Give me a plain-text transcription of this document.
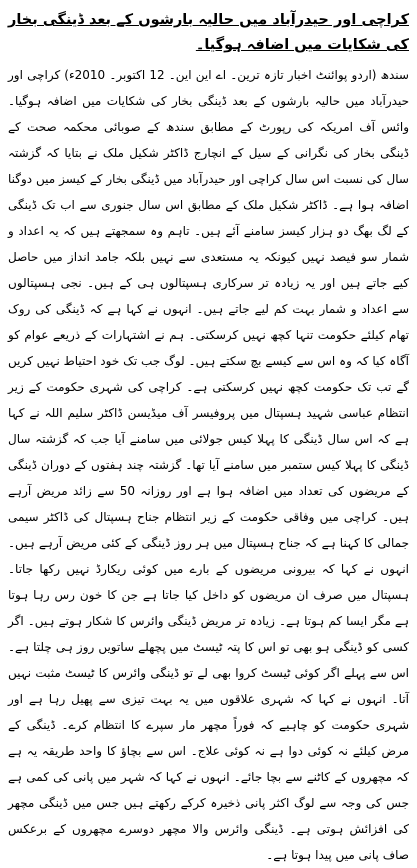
کراچی اور حیدرآباد میں حالیہ بارشوں کے بعد ڈینگی بخار کی شکایات میں اضافہ ہوگیا۔

سندھ (اردو پوائنٹ اخبار تازہ ترین۔ اے این این۔ 12 اکتوبر۔ 2010ء) کراچی اور حیدرآباد میں حالیہ بارشوں کے بعد ڈینگی بخار کی شکایات میں اضافہ ہوگیا۔ وائس آف امریکہ کی رپورٹ کے مطابق سندھ کے صوبائی محکمہ صحت کے ڈینگی بخار کی نگرانی کے سیل کے انچارج ڈاکٹر شکیل ملک نے بتایا کہ گزشتہ سال کی نسبت اس سال کراچی اور حیدرآباد میں ڈینگی بخار کے کیسز میں دوگنا اضافہ ہوا ہے۔ ڈاکٹر شکیل ملک کے مطابق اس سال جنوری سے اب تک ڈینگی کے لگ بھگ دو ہزار کیسز سامنے آئے ہیں۔ تاہم وہ سمجھتے ہیں کہ یہ اعداد و شمار سو فیصد نہیں کیونکہ یہ مستعدی سے نہیں بلکہ جامد انداز میں حاصل کیے جاتے ہیں اور یہ زیادہ تر سرکاری ہسپتالوں ہی کے ہیں۔ نجی ہسپتالوں سے اعداد و شمار بہت کم لیے جاتے ہیں۔ انہوں نے کہا ہے کہ ڈینگی کی روک تھام کیلئے حکومت تنہا کچھ نہیں کرسکتی۔ ہم نے اشتہارات کے ذریعے عوام کو آگاہ کیا کہ وہ اس سے کیسے بچ سکتے ہیں۔ لوگ جب تک خود احتیاط نہیں کریں گے تب تک حکومت کچھ نہیں کرسکتی ہے۔ کراچی کی شہری حکومت کے زیر انتظام عباسی شہید ہسپتال میں پروفیسر آف میڈیسن ڈاکٹر سلیم اللہ نے کہا ہے کہ اس سال ڈینگی کا پہلا کیس جولائی میں سامنے آیا جب کہ گزشتہ سال ڈینگی کا پہلا کیس ستمبر میں سامنے آیا تھا۔ گزشتہ چند ہفتوں کے دوران ڈینگی کے مریضوں کی تعداد میں اضافہ ہوا ہے اور روزانہ 50 سے زائد مریض آرہے ہیں۔ کراچی میں وفاقی حکومت کے زیر انتظام جناح ہسپتال کی ڈاکٹر سیمی جمالی کا کہنا ہے کہ جناح ہسپتال میں ہر روز ڈینگی کے کئی مریض آرہے ہیں۔ انہوں نے کہا کہ بیرونی مریضوں کے بارے میں کوئی ریکارڈ نہیں رکھا جاتا۔ ہسپتال میں صرف ان مریضوں کو داخل کیا جاتا ہے جن کا خون رس رہا ہوتا ہے مگر ایسا کم ہوتا ہے۔ زیادہ تر مریض ڈینگی وائرس کا شکار ہوتے ہیں۔ اگر کسی کو ڈینگی ہو بھی تو اس کا پتہ ٹیسٹ میں پچھلے ساتویں روز ہی چلتا ہے۔ اس سے پہلے اگر کوئی ٹیسٹ کروا بھی لے تو ڈینگی وائرس کا ٹیسٹ مثبت نہیں آتا۔ انہوں نے کہا کہ شہری علاقوں میں یہ بہت تیزی سے پھیل رہا ہے اور شہری حکومت کو چاہیے کہ فوراً مچھر مار سپرے کا انتظام کرے۔ ڈینگی کے مرض کیلئے نہ کوئی دوا ہے نہ کوئی علاج۔ اس سے بچاؤ کا واحد طریقہ یہ ہے کہ مچھروں کے کاٹنے سے بچا جائے۔ انہوں نے کہا کہ شہر میں پانی کی کمی ہے جس کی وجہ سے لوگ اکثر پانی ذخیرہ کرکے رکھتے ہیں جس میں ڈینگی مچھر کی افزائش ہوتی ہے۔ ڈینگی وائرس والا مچھر دوسرے مچھروں کے برعکس صاف پانی میں پیدا ہوتا ہے۔
